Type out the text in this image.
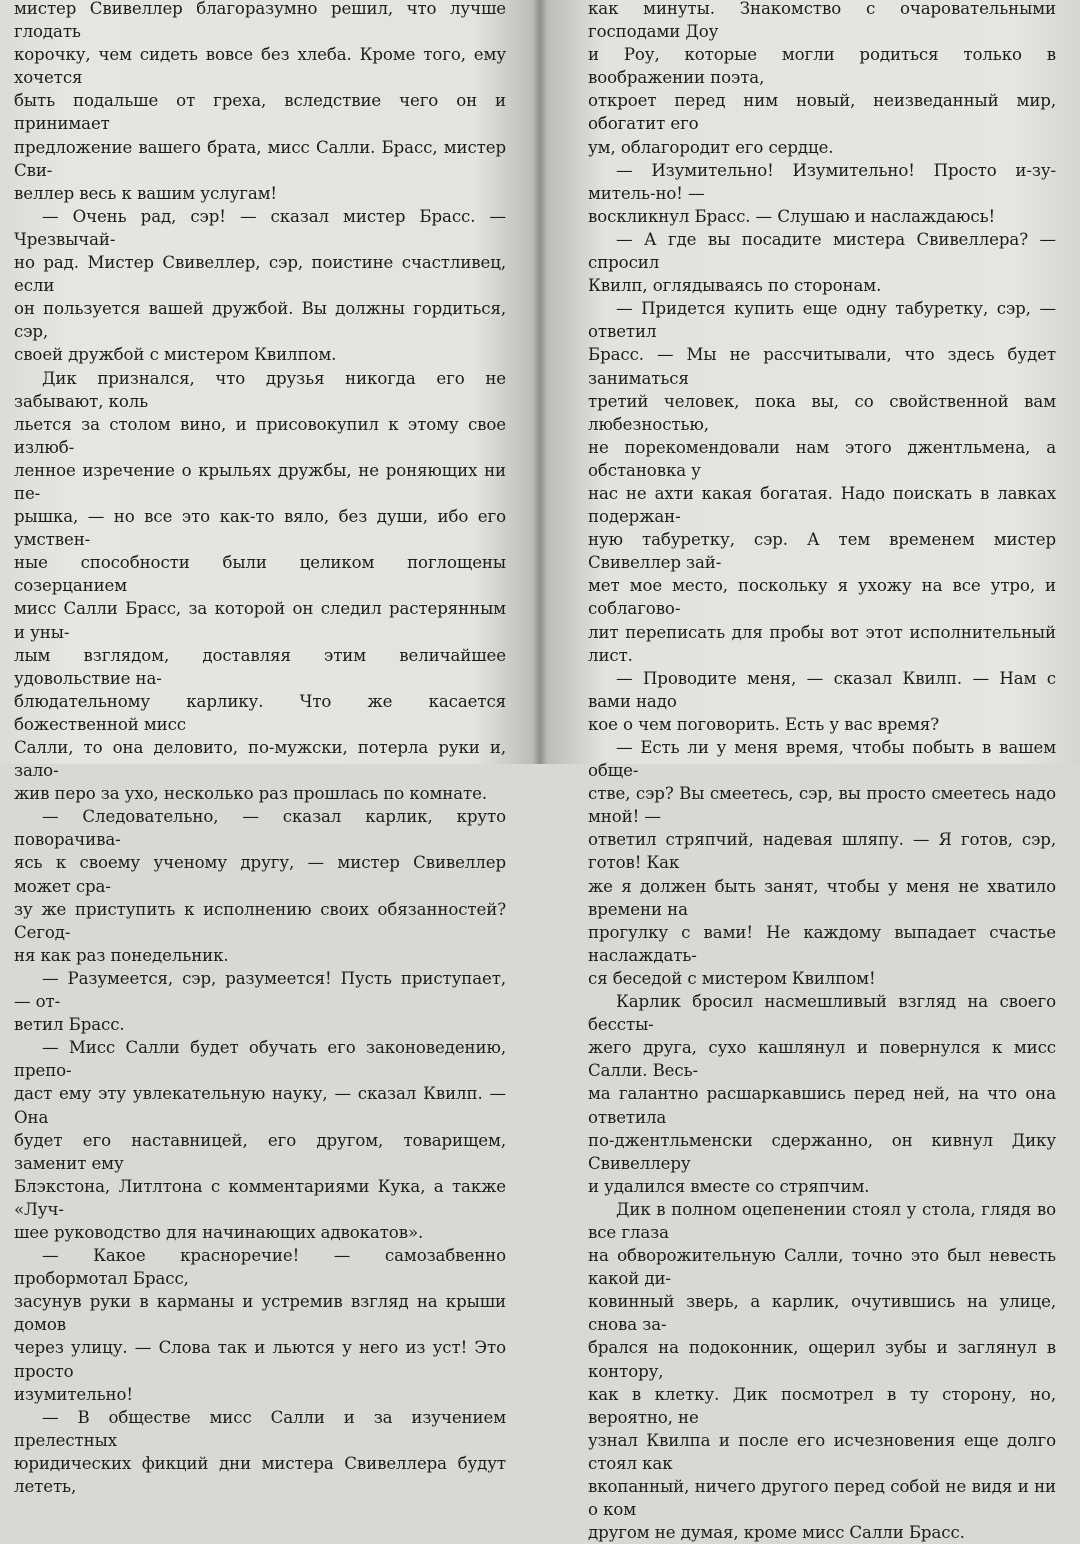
мистер Свивеллер благоразумно решил, что лучше глодать
корочку, чем сидеть вовсе без хлеба. Кроме того, ему хочется
быть подальше от греха, вследствие чего он и принимает
предложение вашего брата, мисс Салли. Брасс, мистер Сви-
веллер весь к вашим услугам!

— Очень рад, сэр! — сказал мистер Брасс. — Чрезвычай-
но рад. Мистер Свивеллер, сэр, поистине счастливец, если
он пользуется вашей дружбой. Вы должны гордиться, сэр,
своей дружбой с мистером Квилпом.

Дик признался, что друзья никогда его не забывают, коль
льется за столом вино, и присовокупил к этому свое излюб-
ленное изречение о крыльях дружбы, не роняющих ни пе-
рышка, — но все это как-то вяло, без души, ибо его умствен-
ные способности были целиком поглощены созерцанием
мисс Салли Брасс, за которой он следил растерянным и уны-
лым взглядом, доставляя этим величайшее удовольствие на-
блюдательному карлику. Что же касается божественной мисс
Салли, то она деловито, по-мужски, потерла руки и, зало-
жив перо за ухо, несколько раз прошлась по комнате.

— Следовательно, — сказал карлик, круто поворачива-
ясь к своему ученому другу, — мистер Свивеллер может сра-
зу же приступить к исполнению своих обязанностей? Сегод-
ня как раз понедельник.

— Разумеется, сэр, разумеется! Пусть приступает, — от-
ветил Брасс.

— Мисс Салли будет обучать его законоведению, препо-
даст ему эту увлекательную науку, — сказал Квилп. — Она
будет его наставницей, его другом, товарищем, заменит ему
Блэкстона, Литлтона с комментариями Кука, а также «Луч-
шее руководство для начинающих адвокатов».

— Какое красноречие! — самозабвенно пробормотал Брасс,
засунув руки в карманы и устремив взгляд на крыши домов
через улицу. — Слова так и льются у него из уст! Это просто
изумительно!

— В обществе мисс Салли и за изучением прелестных
юридических фикций дни мистера Свивеллера будут лететь,

как минуты. Знакомство с очаровательными господами Доу
и Роу, которые могли родиться только в воображении поэта,
откроет перед ним новый, неизведанный мир, обогатит его
ум, облагородит его сердце.

— Изумительно! Изумительно! Просто и-зу-митель-но! —
воскликнул Брасс. — Слушаю и наслаждаюсь!

— А где вы посадите мистера Свивеллера? — спросил
Квилп, оглядываясь по сторонам.

— Придется купить еще одну табуретку, сэр, — ответил
Брасс. — Мы не рассчитывали, что здесь будет заниматься
третий человек, пока вы, со свойственной вам любезностью,
не порекомендовали нам этого джентльмена, а обстановка у
нас не ахти какая богатая. Надо поискать в лавках подержан-
ную табуретку, сэр. А тем временем мистер Свивеллер зай-
мет мое место, поскольку я ухожу на все утро, и соблагово-
лит переписать для пробы вот этот исполнительный лист.

— Проводите меня, — сказал Квилп. — Нам с вами надо
кое о чем поговорить. Есть у вас время?

— Есть ли у меня время, чтобы побыть в вашем обще-
стве, сэр? Вы смеетесь, сэр, вы просто смеетесь надо мной! —
ответил стряпчий, надевая шляпу. — Я готов, сэр, готов! Как
же я должен быть занят, чтобы у меня не хватило времени на
прогулку с вами! Не каждому выпадает счастье наслаждать-
ся беседой с мистером Квилпом!

Карлик бросил насмешливый взгляд на своего бессты-
жего друга, сухо кашлянул и повернулся к мисс Салли. Весь-
ма галантно расшаркавшись перед ней, на что она ответила
по-джентльменски сдержанно, он кивнул Дику Свивеллеру
и удалился вместе со стряпчим.

Дик в полном оцепенении стоял у стола, глядя во все глаза
на обворожительную Салли, точно это был невесть какой ди-
ковинный зверь, а карлик, очутившись на улице, снова за-
брался на подоконник, ощерил зубы и заглянул в контору,
как в клетку. Дик посмотрел в ту сторону, но, вероятно, не
узнал Квилпа и после его исчезновения еще долго стоял как
вкопанный, ничего другого перед собой не видя и ни о ком
другом не думая, кроме мисс Салли Брасс.
